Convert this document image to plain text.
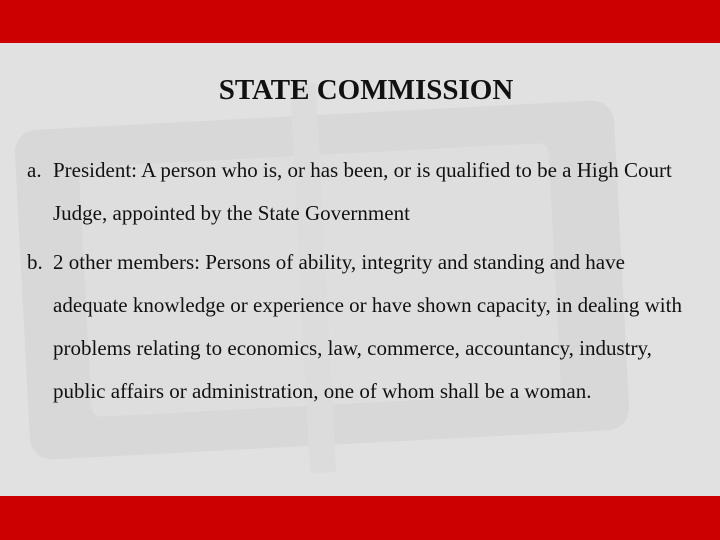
STATE COMMISSION
a. President: A person who is, or has been, or is qualified to be a High Court Judge, appointed by the State Government
b. 2 other members: Persons of ability, integrity and standing and have adequate knowledge or experience or have shown capacity, in dealing with problems relating to economics, law, commerce, accountancy, industry, public affairs or administration, one of whom shall be a woman.
